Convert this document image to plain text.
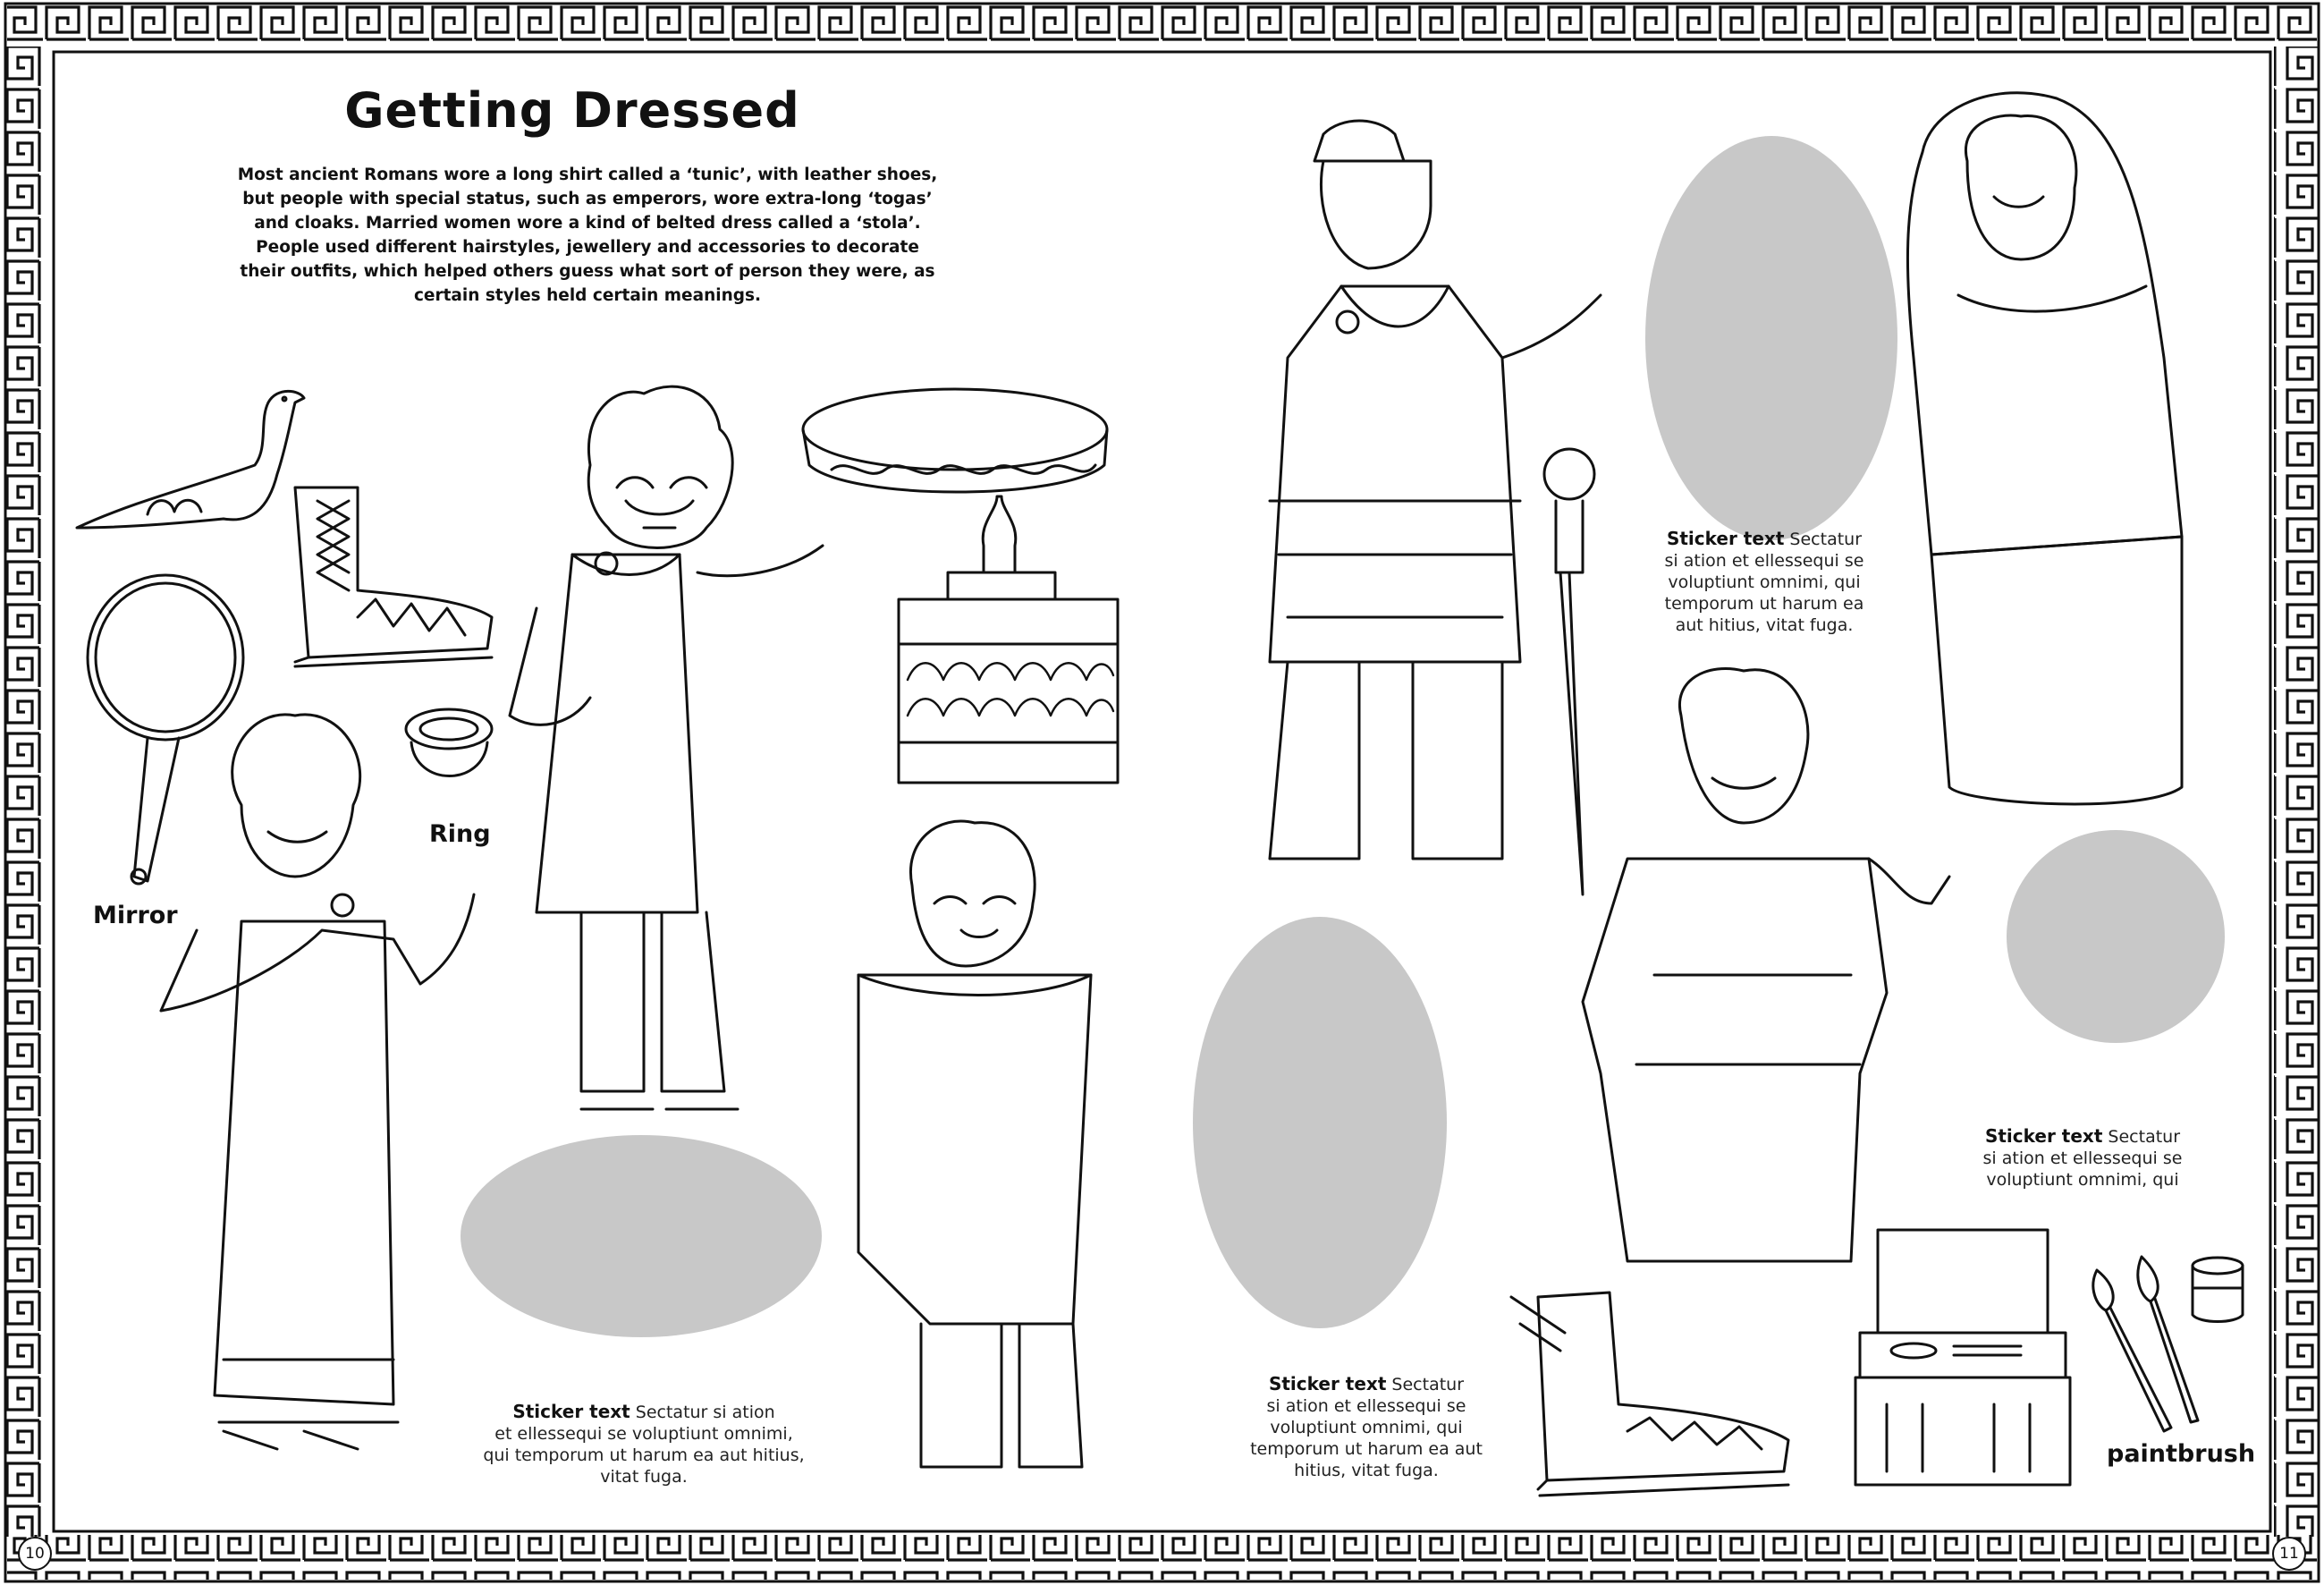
Getting Dressed
Most ancient Romans wore a long shirt called a ‘tunic’, with leather shoes, but people with special status, such as emperors, wore extra-long ‘togas’ and cloaks. Married women wore a kind of belted dress called a ‘stola’. People used different hairstyles, jewellery and accessories to decorate their outfits, which helped others guess what sort of person they were, as certain styles held certain meanings.
Mirror
Ring
paintbrush
Sticker text Sectatur si ation
et ellessequi se voluptiunt omnimi, qui temporum ut harum ea aut hitius, vitat fuga.
Sticker text Sectatur
si ation et ellessequi se voluptiunt omnimi, qui temporum ut harum ea aut hitius, vitat fuga.
Sticker text Sectatur
si ation et ellessequi se voluptiunt omnimi, qui temporum ut harum ea aut hitius, vitat fuga.
Sticker text Sectatur
si ation et ellessequi se voluptiunt omnimi, qui
10	11
